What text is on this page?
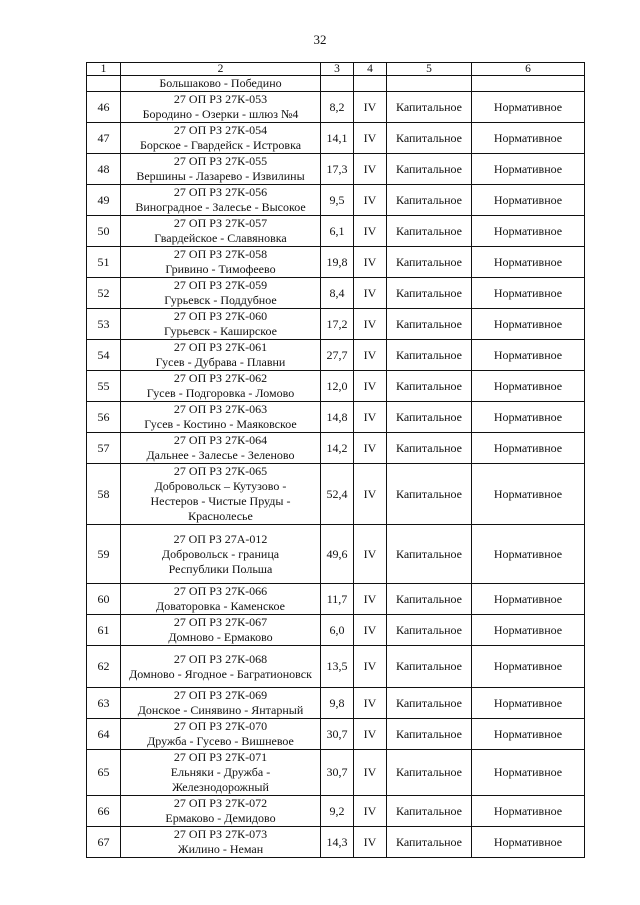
32
1	2	3	4	5	6
	Большаково - Победино				
46	27 ОП РЗ 27К-053
Бородино - Озерки - шлюз №4	8,2	IV	Капитальное	Нормативное
47	27 ОП РЗ 27К-054
Борское - Гвардейск - Истровка	14,1	IV	Капитальное	Нормативное
48	27 ОП РЗ 27К-055
Вершины - Лазарево - Извилины	17,3	IV	Капитальное	Нормативное
49	27 ОП РЗ 27К-056
Виноградное - Залесье - Высокое	9,5	IV	Капитальное	Нормативное
50	27 ОП РЗ 27К-057
Гвардейское - Славяновка	6,1	IV	Капитальное	Нормативное
51	27 ОП РЗ 27К-058
Гривино - Тимофеево	19,8	IV	Капитальное	Нормативное
52	27 ОП РЗ 27К-059
Гурьевск - Поддубное	8,4	IV	Капитальное	Нормативное
53	27 ОП РЗ 27К-060
Гурьевск - Каширское	17,2	IV	Капитальное	Нормативное
54	27 ОП РЗ 27К-061
Гусев - Дубрава - Плавни	27,7	IV	Капитальное	Нормативное
55	27 ОП РЗ 27К-062
Гусев - Подгоровка - Ломово	12,0	IV	Капитальное	Нормативное
56	27 ОП РЗ 27К-063
Гусев - Костино - Маяковское	14,8	IV	Капитальное	Нормативное
57	27 ОП РЗ 27К-064
Дальнее - Залесье - Зеленово	14,2	IV	Капитальное	Нормативное
58	27 ОП РЗ 27К-065
Добровольск – Кутузово -
Нестеров - Чистые Пруды -
Краснолесье	52,4	IV	Капитальное	Нормативное
59	27 ОП РЗ 27А-012
Добровольск - граница
Республики Польша	49,6	IV	Капитальное	Нормативное
60	27 ОП РЗ 27К-066
Доваторовка - Каменское	11,7	IV	Капитальное	Нормативное
61	27 ОП РЗ 27К-067
Домново - Ермаково	6,0	IV	Капитальное	Нормативное
62	27 ОП РЗ 27К-068
Домново - Ягодное - Багратионовск	13,5	IV	Капитальное	Нормативное
63	27 ОП РЗ 27К-069
Донское - Синявино - Янтарный	9,8	IV	Капитальное	Нормативное
64	27 ОП РЗ 27К-070
Дружба - Гусево - Вишневое	30,7	IV	Капитальное	Нормативное
65	27 ОП РЗ 27К-071
Ельняки - Дружба -
Железнодорожный	30,7	IV	Капитальное	Нормативное
66	27 ОП РЗ 27К-072
Ермаково - Демидово	9,2	IV	Капитальное	Нормативное
67	27 ОП РЗ 27К-073
Жилино - Неман	14,3	IV	Капитальное	Нормативное
